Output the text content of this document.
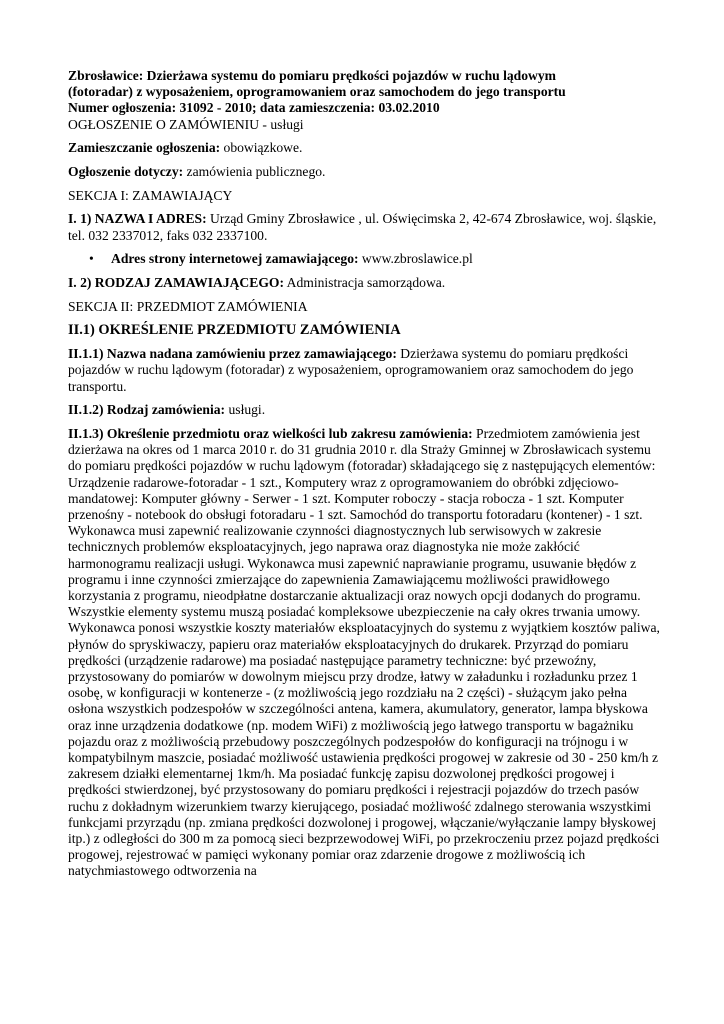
Zbrosławice: Dzierżawa systemu do pomiaru prędkości pojazdów w ruchu lądowym
(fotoradar) z wyposażeniem, oprogramowaniem oraz samochodem do jego transportu
Numer ogłoszenia: 31092 - 2010; data zamieszczenia: 03.02.2010
OGŁOSZENIE O ZAMÓWIENIU - usługi

Zamieszczanie ogłoszenia: obowiązkowe.

Ogłoszenie dotyczy: zamówienia publicznego.

SEKCJA I: ZAMAWIAJĄCY

I. 1) NAZWA I ADRES: Urząd Gminy Zbrosławice , ul. Oświęcimska 2, 42-674 Zbrosławice, woj. śląskie, tel. 032 2337012, faks 032 2337100.

• Adres strony internetowej zamawiającego: www.zbroslawice.pl

I. 2) RODZAJ ZAMAWIAJĄCEGO: Administracja samorządowa.

SEKCJA II: PRZEDMIOT ZAMÓWIENIA

II.1) OKREŚLENIE PRZEDMIOTU ZAMÓWIENIA

II.1.1) Nazwa nadana zamówieniu przez zamawiającego: Dzierżawa systemu do pomiaru prędkości pojazdów w ruchu lądowym (fotoradar) z wyposażeniem, oprogramowaniem oraz samochodem do jego transportu.

II.1.2) Rodzaj zamówienia: usługi.

II.1.3) Określenie przedmiotu oraz wielkości lub zakresu zamówienia: Przedmiotem zamówienia jest dzierżawa na okres od 1 marca 2010 r. do 31 grudnia 2010 r. dla Straży Gminnej w Zbrosławicach systemu do pomiaru prędkości pojazdów w ruchu lądowym (fotoradar) składającego się z następujących elementów: Urządzenie radarowe-fotoradar - 1 szt., Komputery wraz z oprogramowaniem do obróbki zdjęciowo-mandatowej: Komputer główny - Serwer - 1 szt. Komputer roboczy - stacja robocza - 1 szt. Komputer przenośny - notebook do obsługi fotoradaru - 1 szt. Samochód do transportu fotoradaru (kontener) - 1 szt. Wykonawca musi zapewnić realizowanie czynności diagnostycznych lub serwisowych w zakresie technicznych problemów eksploatacyjnych, jego naprawa oraz diagnostyka nie może zakłócić harmonogramu realizacji usługi. Wykonawca musi zapewnić naprawianie programu, usuwanie błędów z programu i inne czynności zmierzające do zapewnienia Zamawiającemu możliwości prawidłowego korzystania z programu, nieodpłatne dostarczanie aktualizacji oraz nowych opcji dodanych do programu. Wszystkie elementy systemu muszą posiadać kompleksowe ubezpieczenie na cały okres trwania umowy. Wykonawca ponosi wszystkie koszty materiałów eksploatacyjnych do systemu z wyjątkiem kosztów paliwa, płynów do spryskiwaczy, papieru oraz materiałów eksploatacyjnych do drukarek. Przyrząd do pomiaru prędkości (urządzenie radarowe) ma posiadać następujące parametry techniczne: być przewoźny, przystosowany do pomiarów w dowolnym miejscu przy drodze, łatwy w załadunku i rozładunku przez 1 osobę, w konfiguracji w kontenerze - (z możliwością jego rozdziału na 2 części) - służącym jako pełna osłona wszystkich podzespołów w szczególności antena, kamera, akumulatory, generator, lampa błyskowa oraz inne urządzenia dodatkowe (np. modem WiFi) z możliwością jego łatwego transportu w bagażniku pojazdu oraz z możliwością przebudowy poszczególnych podzespołów do konfiguracji na trójnogu i w kompatybilnym maszcie, posiadać możliwość ustawienia prędkości progowej w zakresie od 30 - 250 km/h z zakresem działki elementarnej 1km/h. Ma posiadać funkcję zapisu dozwolonej prędkości progowej i prędkości stwierdzonej, być przystosowany do pomiaru prędkości i rejestracji pojazdów do trzech pasów ruchu z dokładnym wizerunkiem twarzy kierującego, posiadać możliwość zdalnego sterowania wszystkimi funkcjami przyrządu (np. zmiana prędkości dozwolonej i progowej, włączanie/wyłączanie lampy błyskowej itp.) z odległości do 300 m za pomocą sieci bezprzewodowej WiFi, po przekroczeniu przez pojazd prędkości progowej, rejestrować w pamięci wykonany pomiar oraz zdarzenie drogowe z możliwością ich natychmiastowego odtworzenia na
